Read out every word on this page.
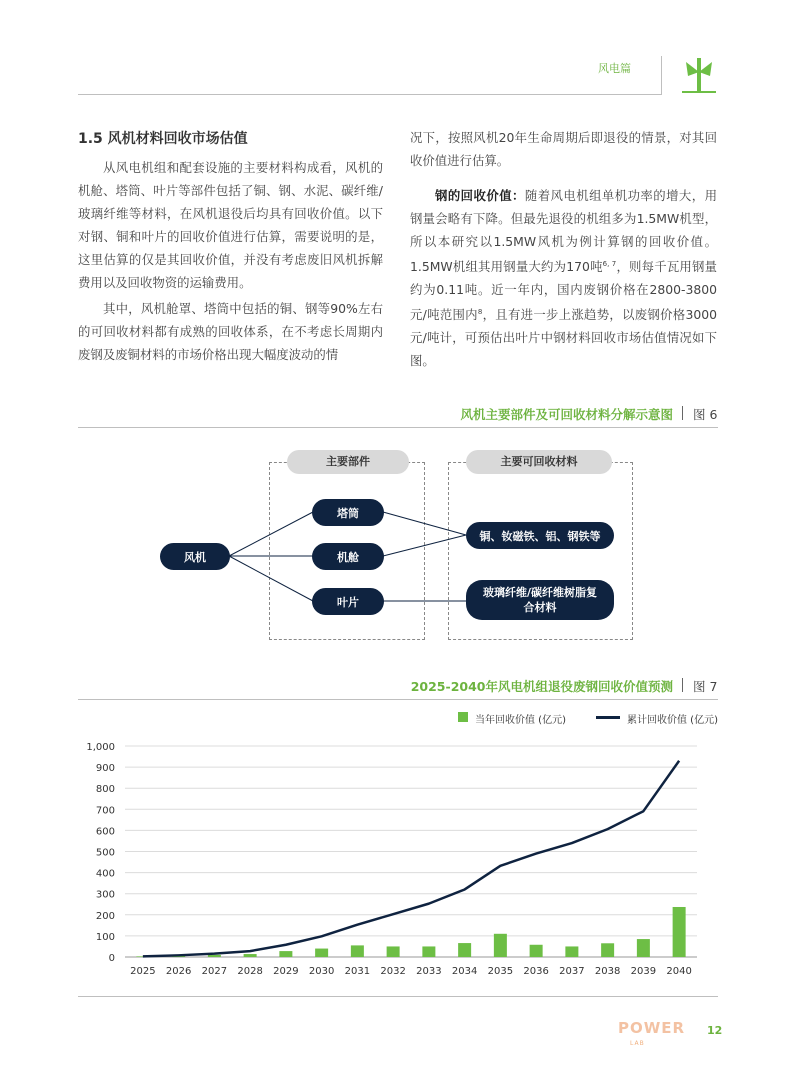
风电篇
1.5 风机材料回收市场估值
从风电机组和配套设施的主要材料构成看，风机的机舱、塔筒、叶片等部件包括了铜、钢、水泥、碳纤维/玻璃纤维等材料，在风机退役后均具有回收价值。以下对钢、铜和叶片的回收价值进行估算，需要说明的是，这里估算的仅是其回收价值，并没有考虑废旧风机拆解费用以及回收物资的运输费用。
其中，风机舱罩、塔筒中包括的铜、钢等90%左右的可回收材料都有成熟的回收体系，在不考虑长周期内废钢及废铜材料的市场价格出现大幅度波动的情
况下，按照风机20年生命周期后即退役的情景，对其回收价值进行估算。
钢的回收价值：随着风电机组单机功率的增大，用钢量会略有下降。但最先退役的机组多为1.5MW机型，所以本研究以1.5MW风机为例计算钢的回收价值。1.5MW机组其用钢量大约为170吨$^{6, 7}$，则每千瓦用钢量约为0.11吨。近一年内，国内废钢价格在2800-3800元/吨范围内$^8$，且有进一步上涨趋势，以废钢价格3000元/吨计，可预估出叶片中钢材料回收市场估值情况如下图。
风机主要部件及可回收材料分解示意图 图 6
主要部件	主要可回收材料
风机
塔筒
机舱
叶片
铜、钕磁铁、铝、钢铁等
玻璃纤维/碳纤维树脂复
合材料
2025-2040年风电机组退役废钢回收价值预测 图 7
当年回收价值 (亿元)	累计回收价值 (亿元)
0
100
200
300
400
500
600
700
800
900
1,000
2025 2026 2027 2028 2029 2030 2031 2032 2033 2034 2035 2036 2037 2038 2039 2040
POWER
LAB
12
